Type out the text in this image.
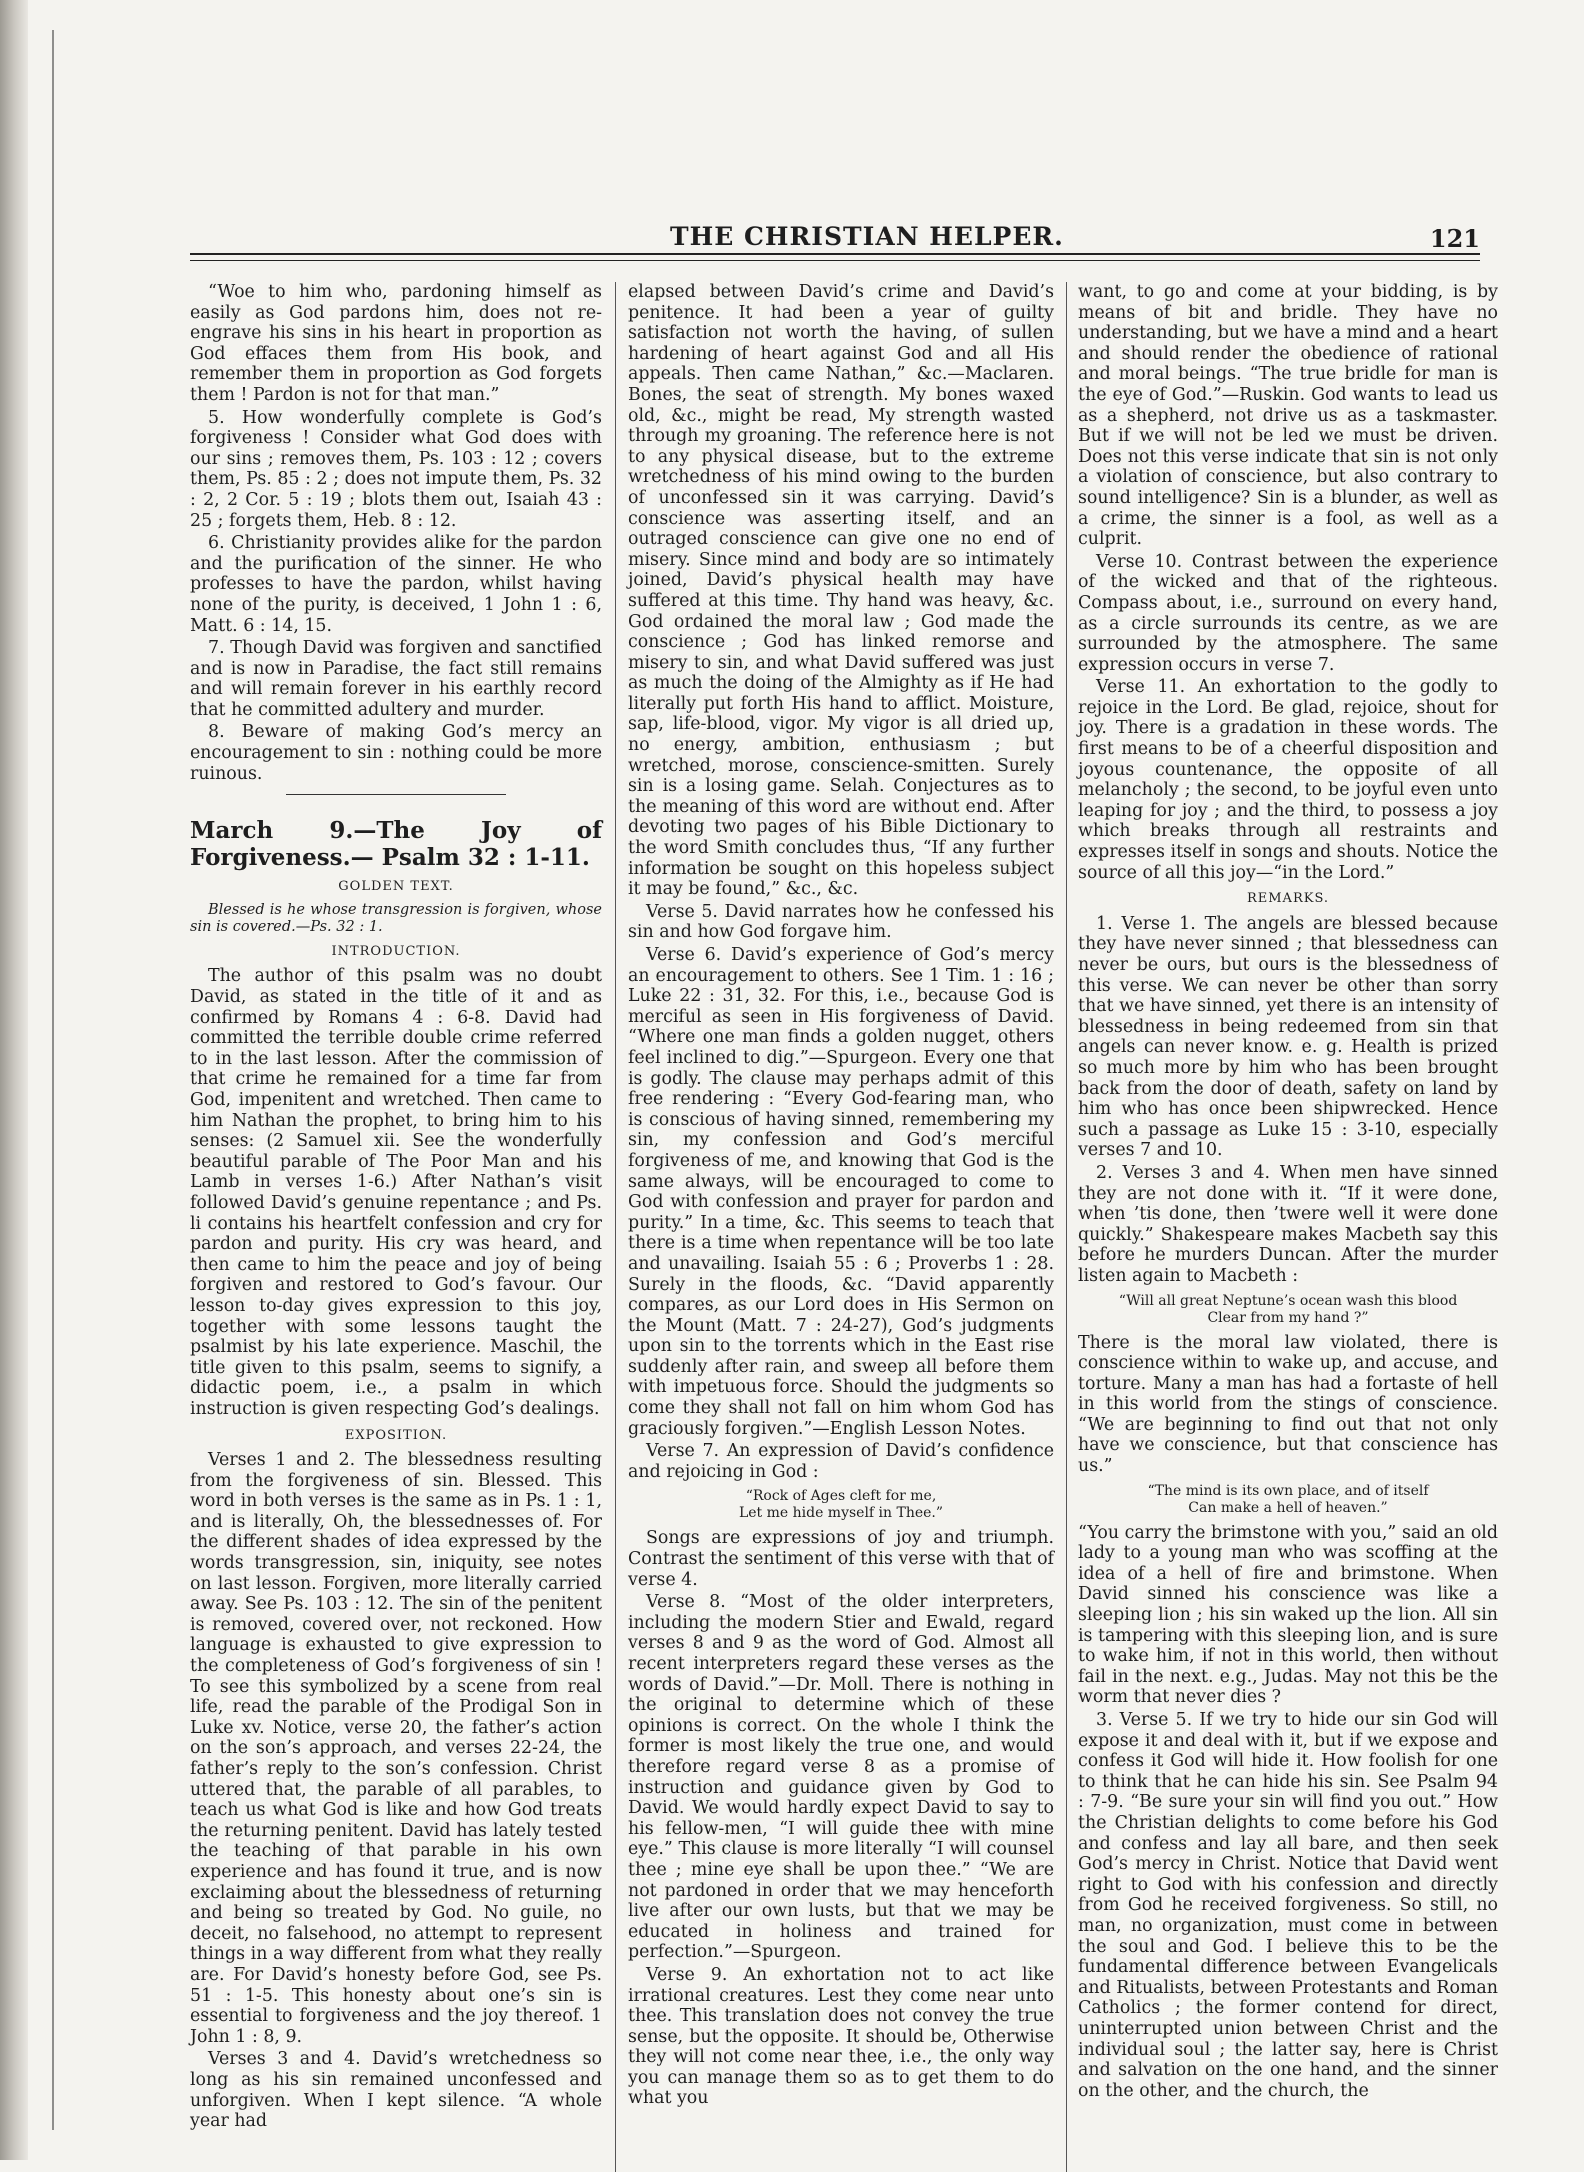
THE CHRISTIAN HELPER.	121

“Woe to him who, pardoning himself as easily as God pardons him, does not re-engrave his sins in his heart in proportion as God effaces them from His book, and remember them in proportion as God forgets them ! Pardon is not for that man.”

5. How wonderfully complete is God’s forgiveness ! Consider what God does with our sins ; removes them, Ps. 103 : 12 ; covers them, Ps. 85 : 2 ; does not impute them, Ps. 32 : 2, 2 Cor. 5 : 19 ; blots them out, Isaiah 43 : 25 ; forgets them, Heb. 8 : 12.

6. Christianity provides alike for the pardon and the purification of the sinner. He who professes to have the pardon, whilst having none of the purity, is deceived, 1 John 1 : 6, Matt. 6 : 14, 15.

7. Though David was forgiven and sanctified and is now in Paradise, the fact still remains and will remain forever in his earthly record that he committed adultery and murder.

8. Beware of making God’s mercy an encouragement to sin : nothing could be more ruinous.

March 9.—The Joy of Forgiveness.— Psalm 32 : 1-11.

GOLDEN TEXT.

Blessed is he whose transgression is forgiven, whose sin is covered.—Ps. 32 : 1.

INTRODUCTION.

The author of this psalm was no doubt David, as stated in the title of it and as confirmed by Romans 4 : 6-8. David had committed the terrible double crime referred to in the last lesson. After the commission of that crime he remained for a time far from God, impenitent and wretched. Then came to him Nathan the prophet, to bring him to his senses: (2 Samuel xii. See the wonderfully beautiful parable of The Poor Man and his Lamb in verses 1-6.) After Nathan’s visit followed David’s genuine repentance ; and Ps. li contains his heartfelt confession and cry for pardon and purity. His cry was heard, and then came to him the peace and joy of being forgiven and restored to God’s favour. Our lesson to-day gives expression to this joy, together with some lessons taught the psalmist by his late experience. Maschil, the title given to this psalm, seems to signify, a didactic poem, i.e., a psalm in which instruction is given respecting God’s dealings.

EXPOSITION.

Verses 1 and 2. The blessedness resulting from the forgiveness of sin. Blessed. This word in both verses is the same as in Ps. 1 : 1, and is literally, Oh, the blessednesses of. For the different shades of idea expressed by the words transgression, sin, iniquity, see notes on last lesson. Forgiven, more literally carried away. See Ps. 103 : 12. The sin of the penitent is removed, covered over, not reckoned. How language is exhausted to give expression to the completeness of God’s forgiveness of sin ! To see this symbolized by a scene from real life, read the parable of the Prodigal Son in Luke xv. Notice, verse 20, the father’s action on the son’s approach, and verses 22-24, the father’s reply to the son’s confession. Christ uttered that, the parable of all parables, to teach us what God is like and how God treats the returning penitent. David has lately tested the teaching of that parable in his own experience and has found it true, and is now exclaiming about the blessedness of returning and being so treated by God. No guile, no deceit, no falsehood, no attempt to represent things in a way different from what they really are. For David’s honesty before God, see Ps. 51 : 1-5. This honesty about one’s sin is essential to forgiveness and the joy thereof. 1 John 1 : 8, 9.

Verses 3 and 4. David’s wretchedness so long as his sin remained unconfessed and unforgiven. When I kept silence. “A whole year had

elapsed between David’s crime and David’s penitence. It had been a year of guilty satisfaction not worth the having, of sullen hardening of heart against God and all His appeals. Then came Nathan,” &c.—Maclaren. Bones, the seat of strength. My bones waxed old, &c., might be read, My strength wasted through my groaning. The reference here is not to any physical disease, but to the extreme wretchedness of his mind owing to the burden of unconfessed sin it was carrying. David’s conscience was asserting itself, and an outraged conscience can give one no end of misery. Since mind and body are so intimately joined, David’s physical health may have suffered at this time. Thy hand was heavy, &c. God ordained the moral law ; God made the conscience ; God has linked remorse and misery to sin, and what David suffered was just as much the doing of the Almighty as if He had literally put forth His hand to afflict. Moisture, sap, life-blood, vigor. My vigor is all dried up, no energy, ambition, enthusiasm ; but wretched, morose, conscience-smitten. Surely sin is a losing game. Selah. Conjectures as to the meaning of this word are without end. After devoting two pages of his Bible Dictionary to the word Smith concludes thus, “If any further information be sought on this hopeless subject it may be found,” &c., &c.

Verse 5. David narrates how he confessed his sin and how God forgave him.

Verse 6. David’s experience of God’s mercy an encouragement to others. See 1 Tim. 1 : 16 ; Luke 22 : 31, 32. For this, i.e., because God is merciful as seen in His forgiveness of David. “Where one man finds a golden nugget, others feel inclined to dig.”—Spurgeon. Every one that is godly. The clause may perhaps admit of this free rendering : “Every God-fearing man, who is conscious of having sinned, remembering my sin, my confession and God’s merciful forgiveness of me, and knowing that God is the same always, will be encouraged to come to God with confession and prayer for pardon and purity.” In a time, &c. This seems to teach that there is a time when repentance will be too late and unavailing. Isaiah 55 : 6 ; Proverbs 1 : 28. Surely in the floods, &c. “David apparently compares, as our Lord does in His Sermon on the Mount (Matt. 7 : 24-27), God’s judgments upon sin to the torrents which in the East rise suddenly after rain, and sweep all before them with impetuous force. Should the judgments so come they shall not fall on him whom God has graciously forgiven.”—English Lesson Notes.

Verse 7. An expression of David’s confidence and rejoicing in God :

“Rock of Ages cleft for me,

Let me hide myself in Thee.”

Songs are expressions of joy and triumph. Contrast the sentiment of this verse with that of verse 4.

Verse 8. “Most of the older interpreters, including the modern Stier and Ewald, regard verses 8 and 9 as the word of God. Almost all recent interpreters regard these verses as the words of David.”—Dr. Moll. There is nothing in the original to determine which of these opinions is correct. On the whole I think the former is most likely the true one, and would therefore regard verse 8 as a promise of instruction and guidance given by God to David. We would hardly expect David to say to his fellow-men, “I will guide thee with mine eye.” This clause is more literally “I will counsel thee ; mine eye shall be upon thee.” “We are not pardoned in order that we may henceforth live after our own lusts, but that we may be educated in holiness and trained for perfection.”—Spurgeon.

Verse 9. An exhortation not to act like irrational creatures. Lest they come near unto thee. This translation does not convey the true sense, but the opposite. It should be, Otherwise they will not come near thee, i.e., the only way you can manage them so as to get them to do what you

want, to go and come at your bidding, is by means of bit and bridle. They have no understanding, but we have a mind and a heart and should render the obedience of rational and moral beings. “The true bridle for man is the eye of God.”—Ruskin. God wants to lead us as a shepherd, not drive us as a taskmaster. But if we will not be led we must be driven. Does not this verse indicate that sin is not only a violation of conscience, but also contrary to sound intelligence? Sin is a blunder, as well as a crime, the sinner is a fool, as well as a culprit.

Verse 10. Contrast between the experience of the wicked and that of the righteous. Compass about, i.e., surround on every hand, as a circle surrounds its centre, as we are surrounded by the atmosphere. The same expression occurs in verse 7.

Verse 11. An exhortation to the godly to rejoice in the Lord. Be glad, rejoice, shout for joy. There is a gradation in these words. The first means to be of a cheerful disposition and joyous countenance, the opposite of all melancholy ; the second, to be joyful even unto leaping for joy ; and the third, to possess a joy which breaks through all restraints and expresses itself in songs and shouts. Notice the source of all this joy—“in the Lord.”

REMARKS.

1. Verse 1. The angels are blessed because they have never sinned ; that blessedness can never be ours, but ours is the blessedness of this verse. We can never be other than sorry that we have sinned, yet there is an intensity of blessedness in being redeemed from sin that angels can never know. e. g. Health is prized so much more by him who has been brought back from the door of death, safety on land by him who has once been shipwrecked. Hence such a passage as Luke 15 : 3-10, especially verses 7 and 10.

2. Verses 3 and 4. When men have sinned they are not done with it. “If it were done, when ’tis done, then ’twere well it were done quickly.” Shakespeare makes Macbeth say this before he murders Duncan. After the murder listen again to Macbeth :

“Will all great Neptune’s ocean wash this blood

Clear from my hand ?”

There is the moral law violated, there is conscience within to wake up, and accuse, and torture. Many a man has had a fortaste of hell in this world from the stings of conscience. “We are beginning to find out that not only have we conscience, but that conscience has us.”

“The mind is its own place, and of itself

Can make a hell of heaven.”

“You carry the brimstone with you,” said an old lady to a young man who was scoffing at the idea of a hell of fire and brimstone. When David sinned his conscience was like a sleeping lion ; his sin waked up the lion. All sin is tampering with this sleeping lion, and is sure to wake him, if not in this world, then without fail in the next. e.g., Judas. May not this be the worm that never dies ?

3. Verse 5. If we try to hide our sin God will expose it and deal with it, but if we expose and confess it God will hide it. How foolish for one to think that he can hide his sin. See Psalm 94 : 7-9. “Be sure your sin will find you out.” How the Christian delights to come before his God and confess and lay all bare, and then seek God’s mercy in Christ. Notice that David went right to God with his confession and directly from God he received forgiveness. So still, no man, no organization, must come in between the soul and God. I believe this to be the fundamental difference between Evangelicals and Ritualists, between Protestants and Roman Catholics ; the former contend for direct, uninterrupted union between Christ and the individual soul ; the latter say, here is Christ and salvation on the one hand, and the sinner on the other, and the church, the
